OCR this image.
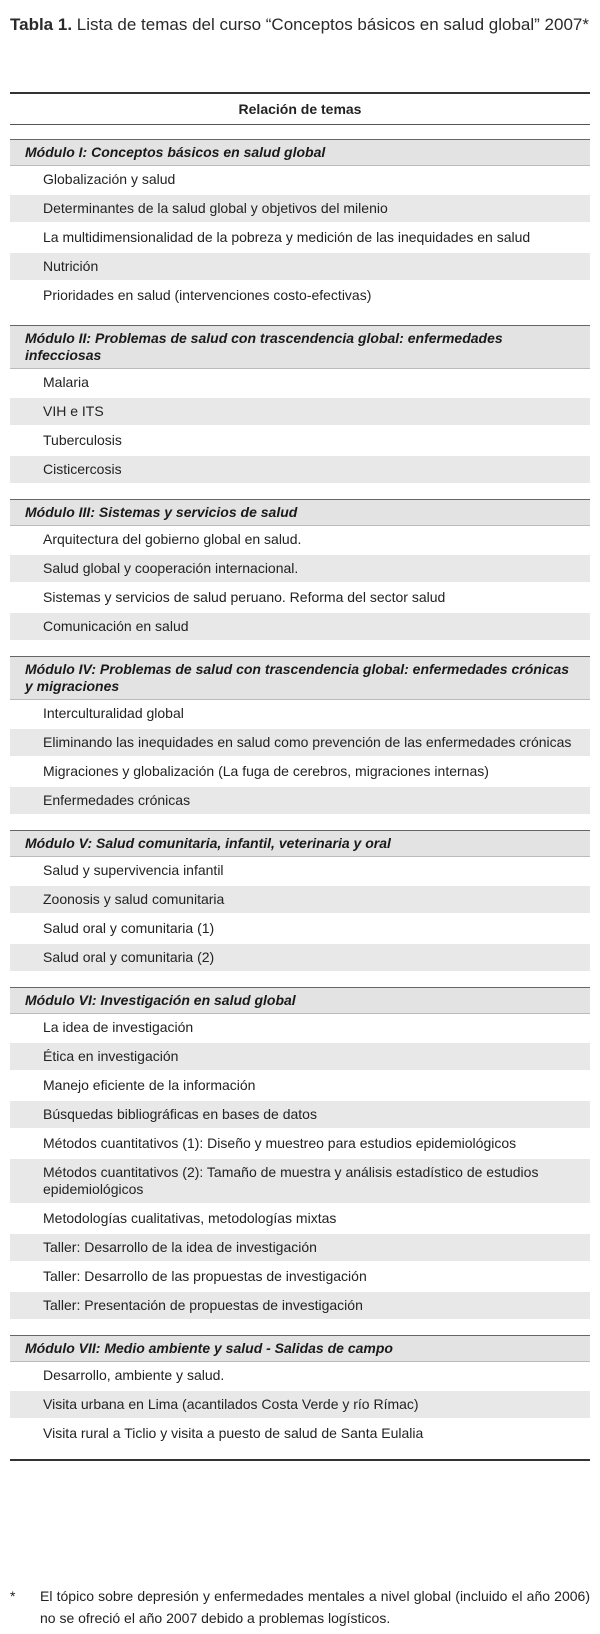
Tabla 1. Lista de temas del curso “Conceptos básicos en salud global” 2007*
Relación de temas
Módulo I: Conceptos básicos en salud global
Globalización y salud
Determinantes de la salud global y objetivos del milenio
La multidimensionalidad de la pobreza y medición de las inequidades en salud
Nutrición
Prioridades en salud (intervenciones costo-efectivas)
Módulo II: Problemas de salud con trascendencia global: enfermedades infecciosas
Malaria
VIH e ITS
Tuberculosis
Cisticercosis
Módulo III: Sistemas y servicios de salud
Arquitectura del gobierno global en salud.
Salud global y cooperación internacional.
Sistemas y servicios de salud peruano. Reforma del sector salud
Comunicación en salud
Módulo IV: Problemas de salud con trascendencia global: enfermedades crónicas y migraciones
Interculturalidad global
Eliminando las inequidades en salud como prevención de las enfermedades crónicas
Migraciones y globalización (La fuga de cerebros, migraciones internas)
Enfermedades crónicas
Módulo V: Salud comunitaria, infantil, veterinaria y oral
Salud y supervivencia infantil
Zoonosis y salud comunitaria
Salud oral y comunitaria (1)
Salud oral y comunitaria (2)
Módulo VI: Investigación en salud global
La idea de investigación
Ética en investigación
Manejo eficiente de la información
Búsquedas bibliográficas en bases de datos
Métodos cuantitativos (1): Diseño y muestreo para estudios epidemiológicos
Métodos cuantitativos (2): Tamaño de muestra y análisis estadístico de estudios epidemiológicos
Metodologías cualitativas, metodologías mixtas
Taller: Desarrollo de la idea de investigación
Taller: Desarrollo de las propuestas de investigación
Taller: Presentación de propuestas de investigación
Módulo VII: Medio ambiente y salud - Salidas de campo
Desarrollo, ambiente y salud.
Visita urbana en Lima (acantilados Costa Verde y río Rímac)
Visita rural a Ticlio y visita a puesto de salud de Santa Eulalia
*	El tópico sobre depresión y enfermedades mentales a nivel global (incluido el año 2006) no se ofreció el año 2007 debido a problemas logísticos.
